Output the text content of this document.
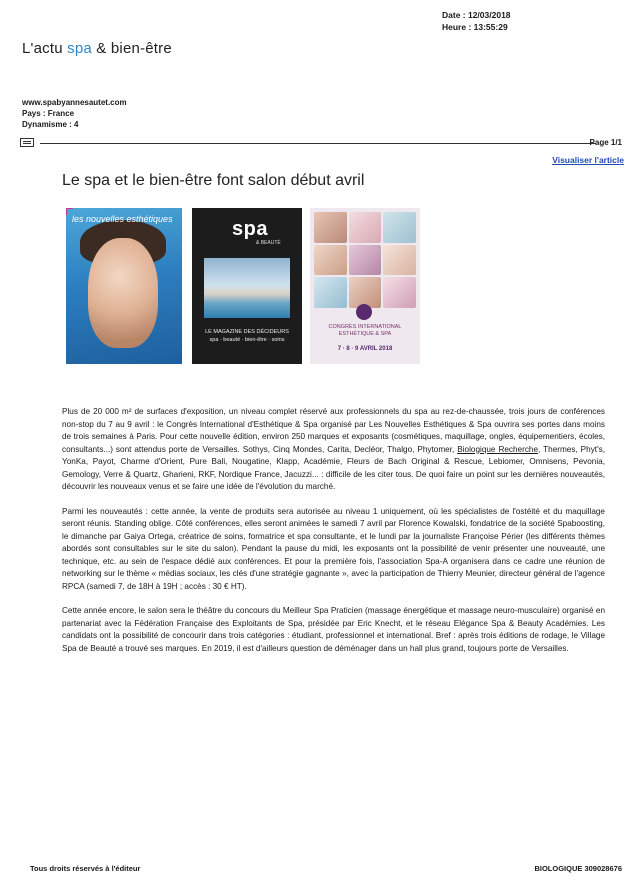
Date : 12/03/2018
Heure : 13:55:29
L'actu spa & bien-être
www.spabyannesautet.com
Pays : France
Dynamisme : 4
Page 1/1
Visualiser l'article
Le spa et le bien-être font salon début avril
les nouvelles esthétiques	spa
& BEAUTÉ
LE MAGAZINE DES DÉCIDEURS
spa · beauté · bien-être · soins
CONGRÈS INTERNATIONAL ESTHÉTIQUE & SPA
7 · 8 · 9 AVRIL 2018

Plus de 20 000 m² de surfaces d'exposition, un niveau complet réservé aux professionnels du spa au rez-de-chaussée, trois jours de conférences non-stop du 7 au 9 avril : le Congrès International d'Esthétique & Spa organisé par Les Nouvelles Esthétiques & Spa ouvrira ses portes dans moins de trois semaines à Paris. Pour cette nouvelle édition, environ 250 marques et exposants (cosmétiques, maquillage, ongles, équipementiers, écoles, consultants...) sont attendus porte de Versailles. Sothys, Cinq Mondes, Carita, Decléor, Thalgo, Phytomer, Biologique Recherche, Thermes, Phyt's, YonKa, Payot, Charme d'Orient, Pure Bali, Nougatine, Klapp, Académie, Fleurs de Bach Original & Rescue, Lebiomer, Omnisens, Pevonia, Gemology, Verre & Quartz, Gharieni, RKF, Nordique France, Jacuzzi... : difficile de les citer tous. De quoi faire un point sur les dernières nouveautés, découvrir les nouveaux venus et se faire une idée de l'évolution du marché.

Parmi les nouveautés : cette année, la vente de produits sera autorisée au niveau 1 uniquement, où les spécialistes de l'ostéité et du maquillage seront réunis. Standing oblige. Côté conférences, elles seront animées le samedi 7 avril par Florence Kowalski, fondatrice de la société Spaboosting, le dimanche par Gaiya Ortega, créatrice de soins, formatrice et spa consultante, et le lundi par la journaliste Françoise Périer (les différents thèmes abordés sont consultables sur le site du salon). Pendant la pause du midi, les exposants ont la possibilité de venir présenter une nouveauté, une technique, etc. au sein de l'espace dédié aux conférences. Et pour la première fois, l'association Spa-A organisera dans ce cadre une réunion de networking sur le thème « médias sociaux, les clés d'une stratégie gagnante », avec la participation de Thierry Meunier, directeur général de l'agence RPCA (samedi 7, de 18H à 19H ; accès : 30 € HT).

Cette année encore, le salon sera le théâtre du concours du Meilleur Spa Praticien (massage énergétique et massage neuro-musculaire) organisé en partenariat avec la Fédération Française des Exploitants de Spa, présidée par Eric Knecht, et le réseau Elégance Spa & Beauty Académies. Les candidats ont la possibilité de concourir dans trois catégories : étudiant, professionnel et international. Bref : après trois éditions de rodage, le Village Spa de Beauté a trouvé ses marques. En 2019, il est d'ailleurs question de déménager dans un hall plus grand, toujours porte de Versailles.

Tous droits réservés à l'éditeur	BIOLOGIQUE 309028676
